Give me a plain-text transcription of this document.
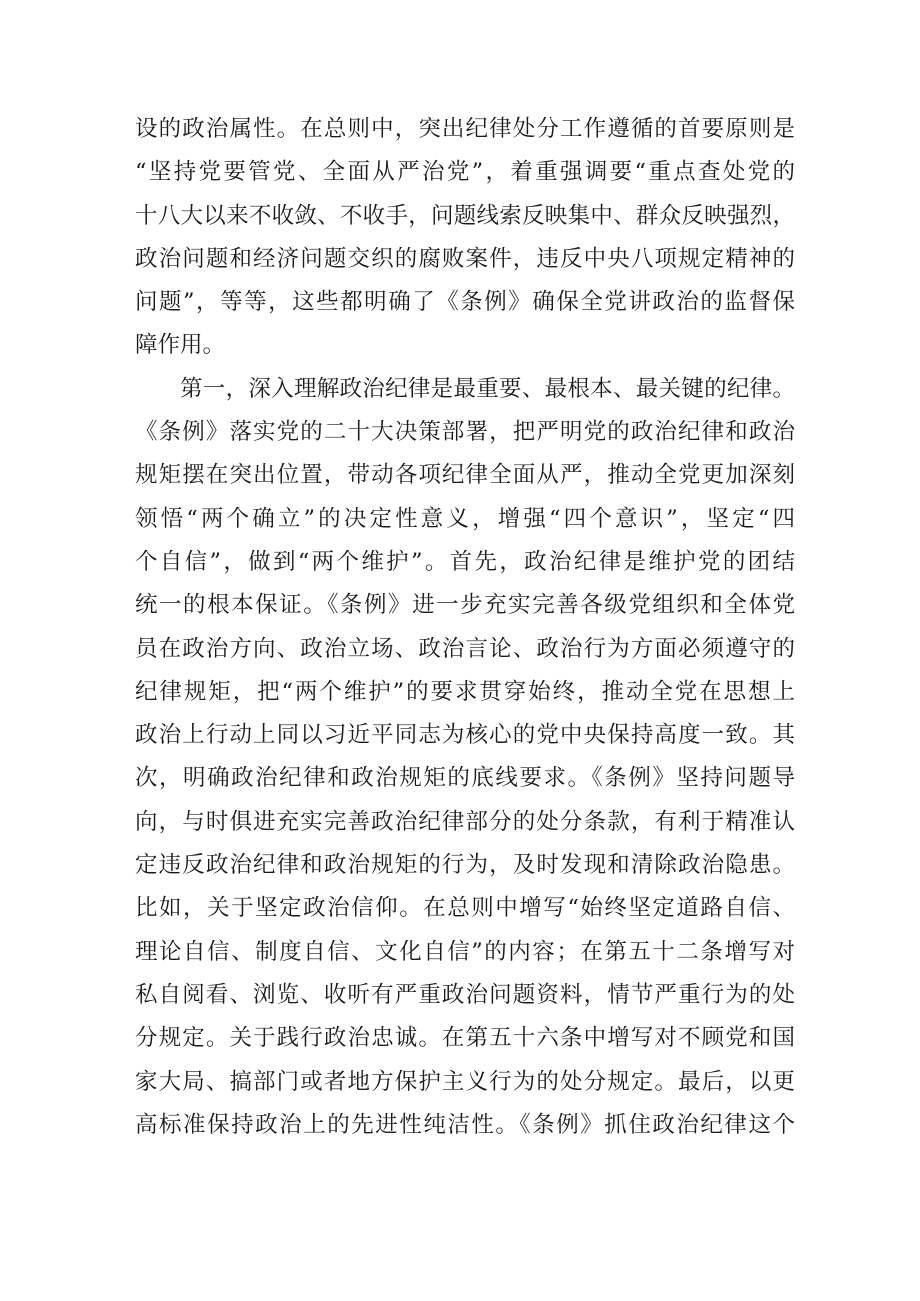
设的政治属性。在总则中，突出纪律处分工作遵循的首要原则是
“坚持党要管党、全面从严治党”，着重强调要“重点查处党的
十八大以来不收敛、不收手，问题线索反映集中、群众反映强烈，
政治问题和经济问题交织的腐败案件，违反中央八项规定精神的
问题”，等等，这些都明确了《条例》确保全党讲政治的监督保
障作用。

第一，深入理解政治纪律是最重要、最根本、最关键的纪律。
《条例》落实党的二十大决策部署，把严明党的政治纪律和政治
规矩摆在突出位置，带动各项纪律全面从严，推动全党更加深刻
领悟“两个确立”的决定性意义，增强“四个意识”，坚定“四
个自信”，做到“两个维护”。首先，政治纪律是维护党的团结
统一的根本保证。《条例》进一步充实完善各级党组织和全体党
员在政治方向、政治立场、政治言论、政治行为方面必须遵守的
纪律规矩，把“两个维护”的要求贯穿始终，推动全党在思想上
政治上行动上同以习近平同志为核心的党中央保持高度一致。其
次，明确政治纪律和政治规矩的底线要求。《条例》坚持问题导
向，与时俱进充实完善政治纪律部分的处分条款，有利于精准认
定违反政治纪律和政治规矩的行为，及时发现和清除政治隐患。
比如，关于坚定政治信仰。在总则中增写“始终坚定道路自信、
理论自信、制度自信、文化自信”的内容；在第五十二条增写对
私自阅看、浏览、收听有严重政治问题资料，情节严重行为的处
分规定。关于践行政治忠诚。在第五十六条中增写对不顾党和国
家大局、搞部门或者地方保护主义行为的处分规定。最后，以更
高标准保持政治上的先进性纯洁性。《条例》抓住政治纪律这个
